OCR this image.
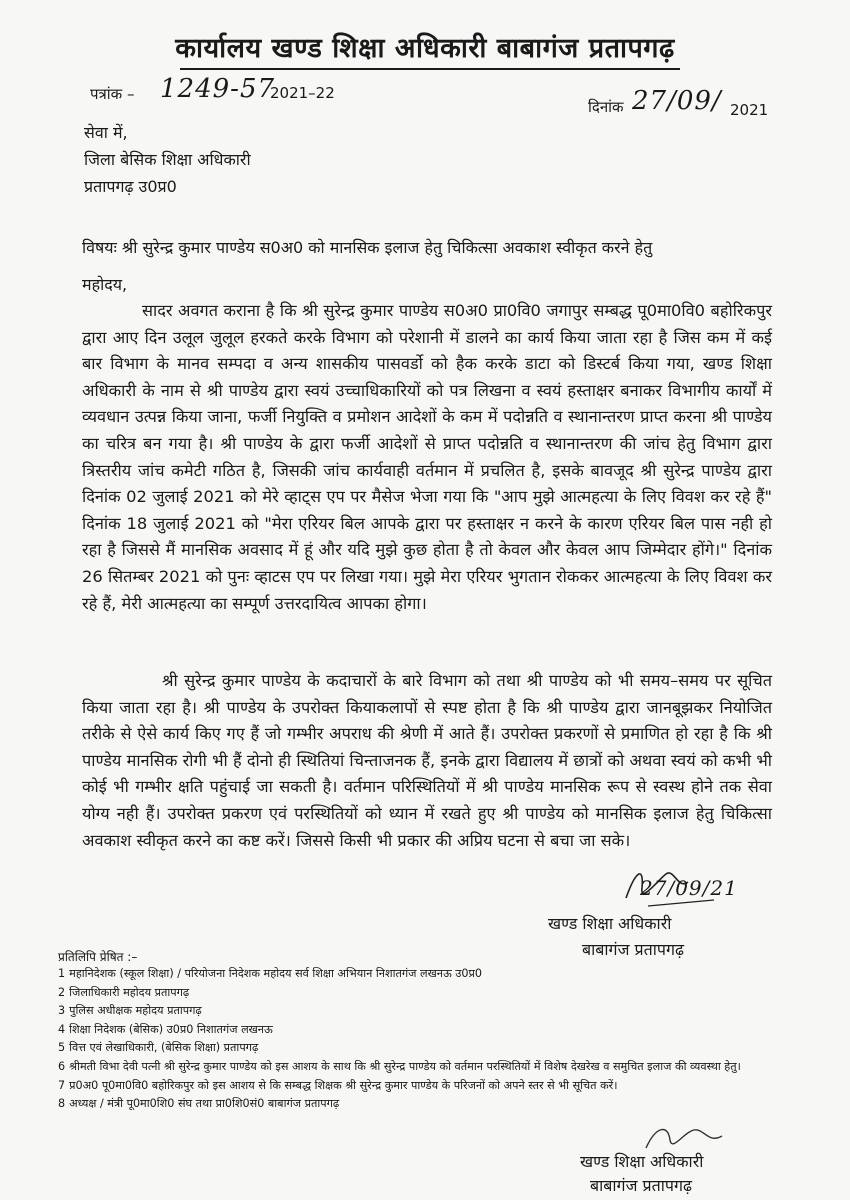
कार्यालय खण्ड शिक्षा अधिकारी बाबागंज प्रतापगढ़
पत्रांक – 1249-57
2021–22
दिनांक 27/09/ 2021
सेवा में,
जिला बेसिक शिक्षा अधिकारी
प्रतापगढ़ उ0प्र0
विषयः श्री सुरेन्द्र कुमार पाण्डेय स0अ0 को मानसिक इलाज हेतु चिकित्सा अवकाश स्वीकृत करने हेतु
महोदय,

सादर अवगत कराना है कि श्री सुरेन्द्र कुमार पाण्डेय स0अ0 प्रा0वि0 जगापुर सम्बद्ध पू0मा0वि0 बहोरिकपुर द्वारा आए दिन उलूल जुलूल हरकते करके विभाग को परेशानी में डालने का कार्य किया जाता रहा है जिस कम में कई बार विभाग के मानव सम्पदा व अन्य शासकीय पासवर्डो को हैक करके डाटा को डिस्टर्ब किया गया, खण्ड शिक्षा अधिकारी के नाम से श्री पाण्डेय द्वारा स्वयं उच्चाधिकारियों को पत्र लिखना व स्वयं हस्ताक्षर बनाकर विभागीय कार्यों में व्यवधान उत्पन्न किया जाना, फर्जी नियुक्ति व प्रमोशन आदेशों के कम में पदोन्नति व स्थानान्तरण प्राप्त करना श्री पाण्डेय का चरित्र बन गया है। श्री पाण्डेय के द्वारा फर्जी आदेशों से प्राप्त पदोन्नति व स्थानान्तरण की जांच हेतु विभाग द्वारा त्रिस्तरीय जांच कमेटी गठित है, जिसकी जांच कार्यवाही वर्तमान में प्रचलित है, इसके बावजूद श्री सुरेन्द्र पाण्डेय द्वारा दिनांक 02 जुलाई 2021 को मेरे व्हाट्स एप पर मैसेज भेजा गया कि "आप मुझे आत्महत्या के लिए विवश कर रहे हैं" दिनांक 18 जुलाई 2021 को "मेरा एरियर बिल आपके द्वारा पर हस्ताक्षर न करने के कारण एरियर बिल पास नही हो रहा है जिससे मैं मानसिक अवसाद में हूं और यदि मुझे कुछ होता है तो केवल और केवल आप जिम्मेदार होंगे।" दिनांक 26 सितम्बर 2021 को पुनः व्हाटस एप पर लिखा गया। मुझे मेरा एरियर भुगतान रोककर आत्महत्या के लिए विवश कर रहे हैं, मेरी आत्महत्या का सम्पूर्ण उत्तरदायित्व आपका होगा।

श्री सुरेन्द्र कुमार पाण्डेय के कदाचारों के बारे विभाग को तथा श्री पाण्डेय को भी समय–समय पर सूचित किया जाता रहा है। श्री पाण्डेय के उपरोक्त कियाकलापों से स्पष्ट होता है कि श्री पाण्डेय द्वारा जानबूझकर नियोजित तरीके से ऐसे कार्य किए गए हैं जो गम्भीर अपराध की श्रेणी में आते हैं। उपरोक्त प्रकरणों से प्रमाणित हो रहा है कि श्री पाण्डेय मानसिक रोगी भी हैं दोनो ही स्थितियां चिन्ताजनक हैं, इनके द्वारा विद्यालय में छात्रों को अथवा स्वयं को कभी भी कोई भी गम्भीर क्षति पहुंचाई जा सकती है। वर्तमान परिस्थितियों में श्री पाण्डेय मानसिक रूप से स्वस्थ होने तक सेवा योग्य नही हैं। उपरोक्त प्रकरण एवं परस्थितियों को ध्यान में रखते हुए श्री पाण्डेय को मानसिक इलाज हेतु चिकित्सा अवकाश स्वीकृत करने का कष्ट करें। जिससे किसी भी प्रकार की अप्रिय घटना से बचा जा सके।

27/09/21
खण्ड शिक्षा अधिकारी
बाबागंज प्रतापगढ़
प्रतिलिपि प्रेषित :–
1 महानिदेशक (स्कूल शिक्षा) / परियोजना निदेशक महोदय सर्व शिक्षा अभियान निशातगंज लखनऊ उ0प्र0
2 जिलाधिकारी महोदय प्रतापगढ़
3 पुलिस अधीक्षक महोदय प्रतापगढ़
4 शिक्षा निदेशक (बेसिक) उ0प्र0 निशातगंज लखनऊ
5 वित्त एवं लेखाधिकारी, (बेसिक शिक्षा) प्रतापगढ़
6 श्रीमती विभा देवी पत्नी श्री सुरेन्द्र कुमार पाण्डेय को इस आशय के साथ कि श्री सुरेन्द्र पाण्डेय को वर्तमान परस्थितियों में विशेष देखरेख व समुचित इलाज की व्यवस्था हेतु।
7 प्र0अ0 पू0मा0वि0 बहोरिकपुर को इस आशय से कि सम्बद्ध शिक्षक श्री सुरेन्द्र कुमार पाण्डेय के परिजनों को अपने स्तर से भी सूचित करें।
8 अध्यक्ष / मंत्री पू0मा0शि0 संघ तथा प्रा0शि0सं0 बाबागंज प्रतापगढ़
खण्ड शिक्षा अधिकारी
बाबागंज प्रतापगढ़
